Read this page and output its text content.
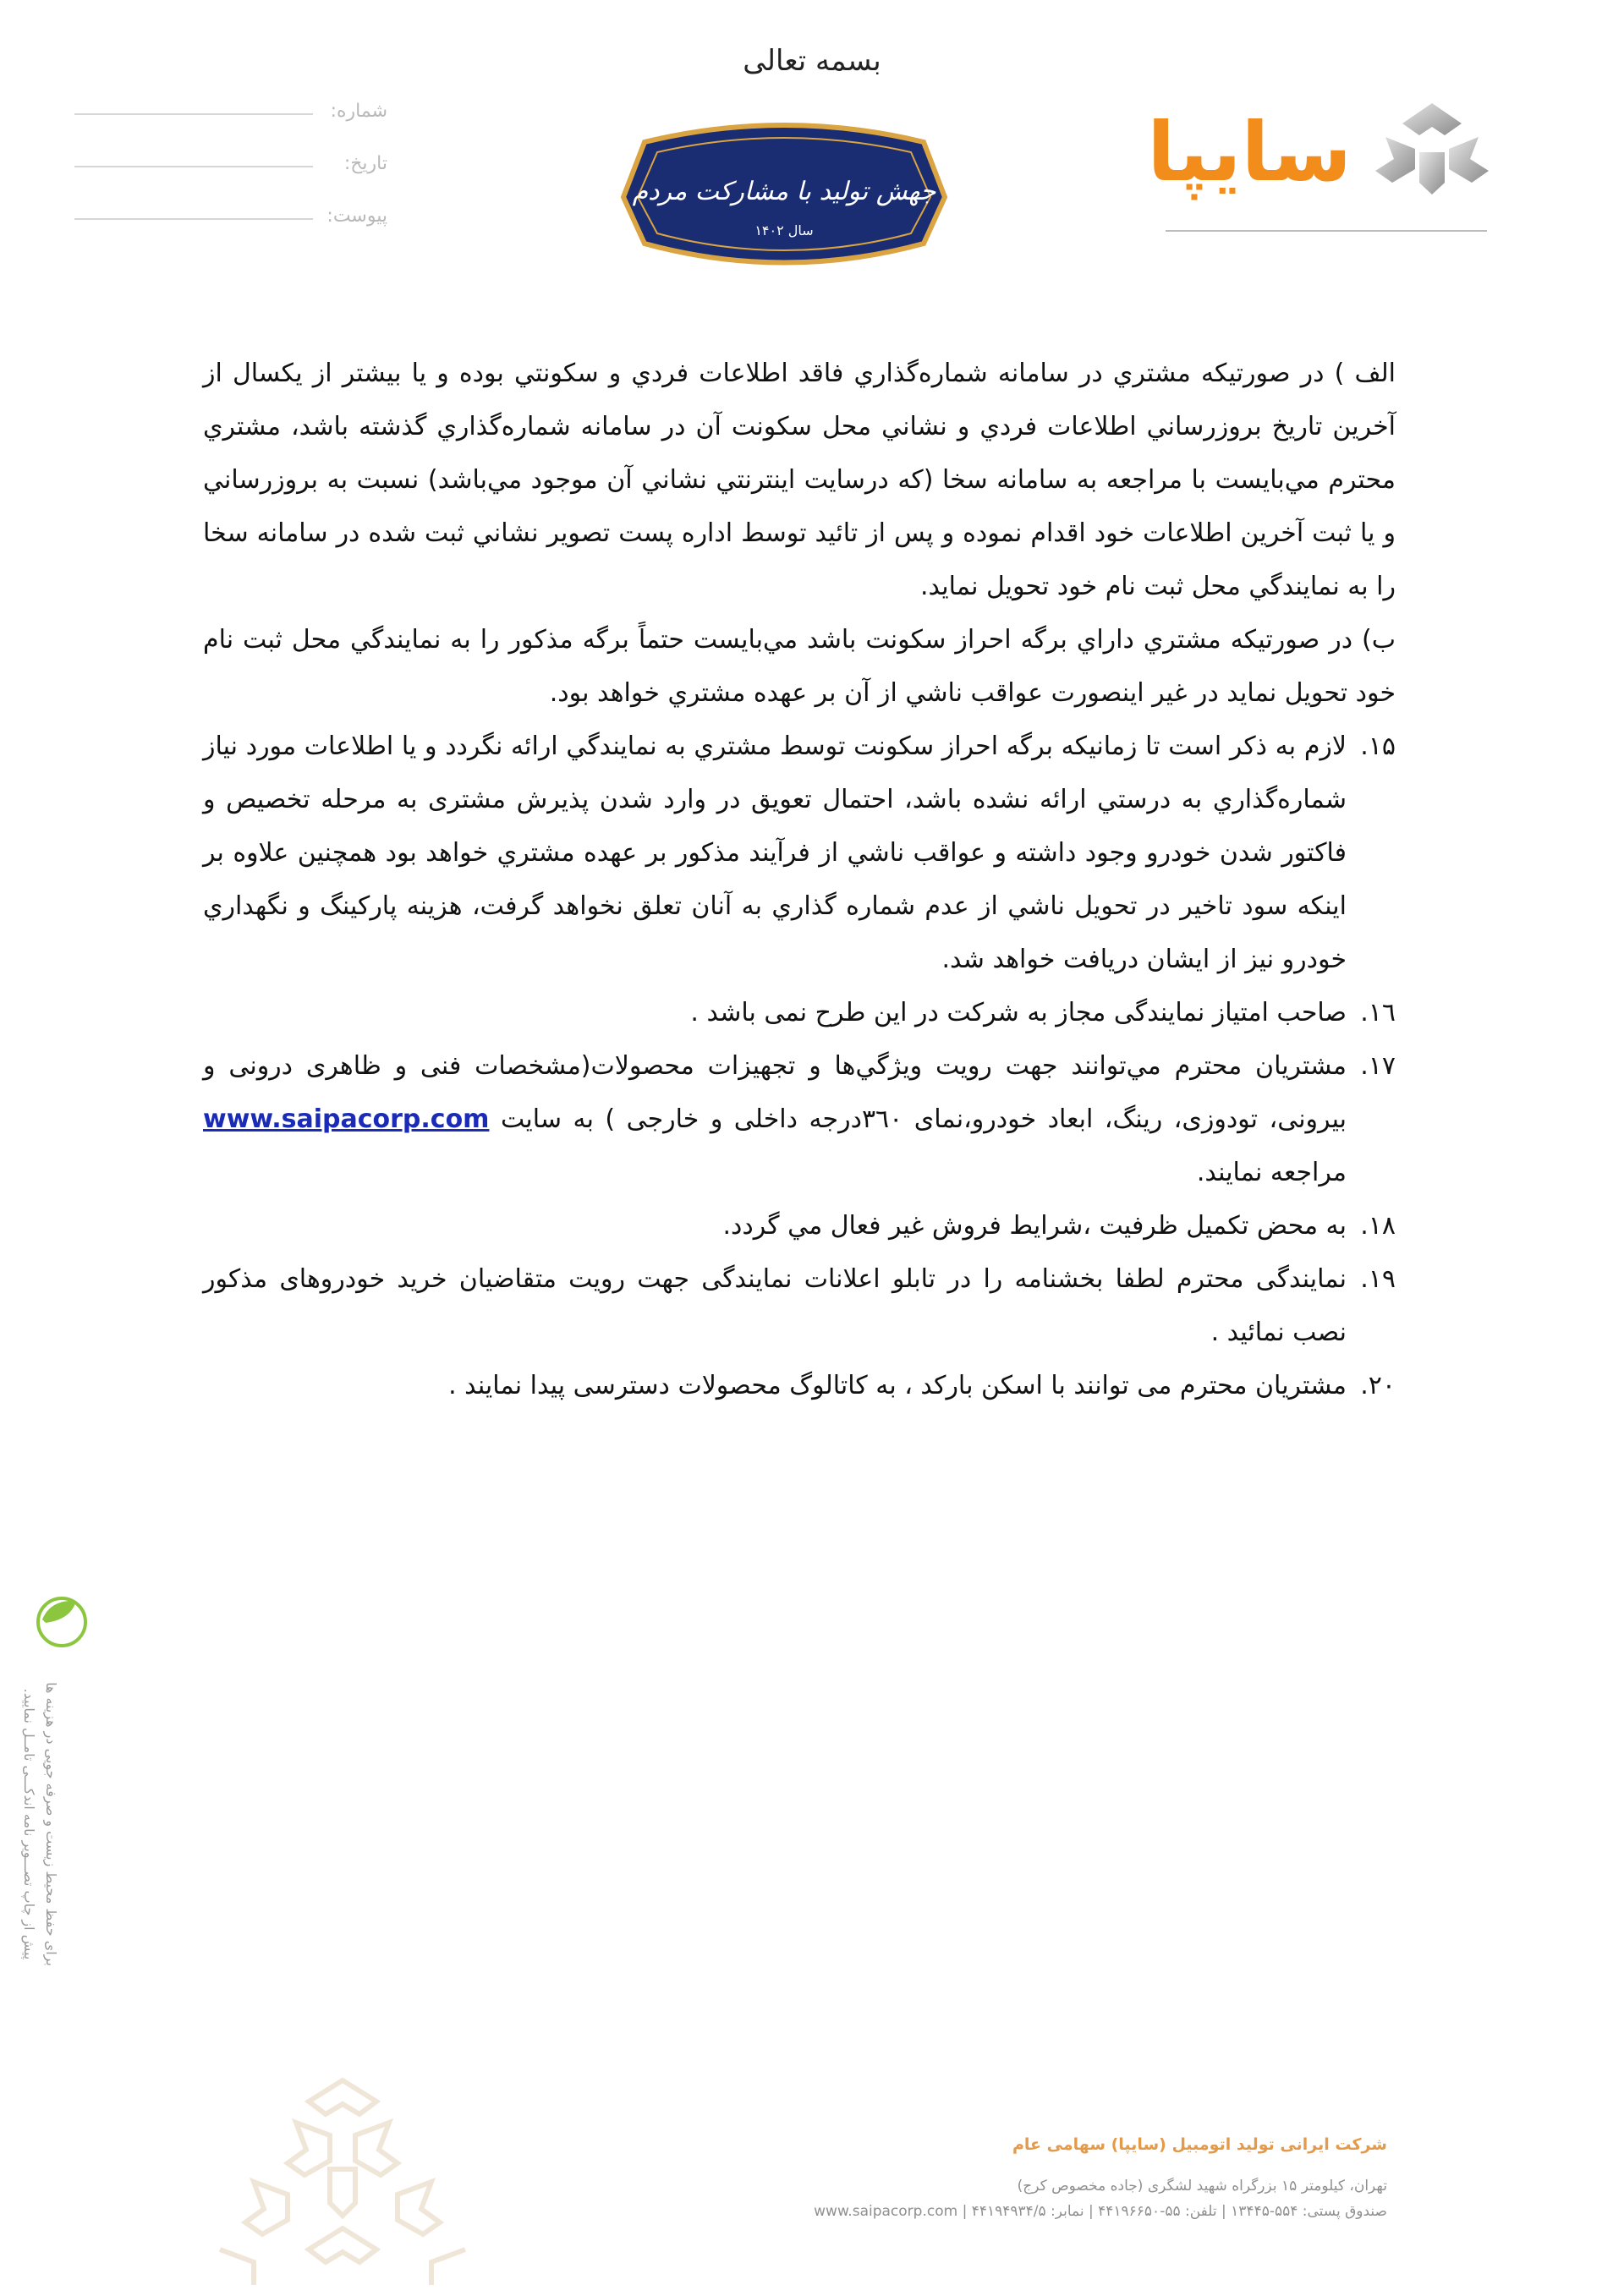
بسمه تعالی
شماره:
تاریخ:
پیوست:
جهش تولید با مشارکت مردم
سال ۱۴۰۲
سایپا

الف ) در صورتيکه مشتري در سامانه شماره‌گذاري فاقد اطلاعات فردي و سکونتي بوده و يا بيشتر از يکسال از آخرين تاريخ بروزرساني اطلاعات فردي و نشاني محل سکونت آن در سامانه شماره‌گذاري گذشته باشد، مشتري محترم مي‌بايست با مراجعه به سامانه سخا (که درسايت اينترنتي نشاني آن موجود مي‌باشد) نسبت به بروزرساني و يا ثبت آخرين اطلاعات خود اقدام نموده و پس از تائيد توسط اداره پست تصوير نشاني ثبت شده در سامانه سخا را به نمايندگي محل ثبت نام خود تحويل نمايد.

ب) در صورتيکه مشتري داراي برگه احراز سکونت باشد مي‌بايست حتماً برگه مذکور را به نمايندگي محل ثبت نام خود تحويل نمايد در غير اينصورت عواقب ناشي از آن بر عهده مشتري خواهد بود.

۱۵.
لازم به ذکر است تا زمانيکه برگه احراز سکونت توسط مشتري به نمايندگي ارائه نگردد و يا اطلاعات مورد نياز شماره‌گذاري به درستي ارائه نشده باشد، احتمال تعويق در وارد شدن پذيرش مشتری به مرحله تخصيص و فاکتور شدن خودرو وجود داشته و عواقب ناشي از فرآيند مذکور بر عهده مشتري خواهد بود همچنين علاوه بر اينکه سود تاخير در تحويل ناشي از عدم شماره گذاري به آنان تعلق نخواهد گرفت، هزينه پارکينگ و نگهداري خودرو نيز از ايشان دريافت خواهد شد.
۱٦.
صاحب امتیاز نمایندگی مجاز به شرکت در این طرح نمی باشد .
۱۷.
مشتريان محترم مي‌توانند جهت رويت ويژگي‌ها و تجهيزات محصولات(مشخصات فنی و ظاهری درونی و بیرونی، تودوزی، رینگ، ابعاد خودرو،نمای ۳٦۰درجه داخلی و خارجی ) به سايت www.saipacorp.com مراجعه نمايند.
۱۸.
به محض تکميل ظرفيت ،شرايط فروش غير فعال مي گردد.
۱۹.
نمایندگی محترم لطفا بخشنامه را در تابلو اعلانات نمایندگی جهت رویت متقاضیان خرید خودروهای مذکور نصب نمائید .
۲۰.
مشتریان محترم می توانند با اسکن بارکد ، به کاتالوگ محصولات دسترسی پیدا نمایند .
برای حفظ محیط زیست و صرفه جویی در هزینه ها
پیش از چاپ تصـــویر نامه اندکـــی تامــل نمایید.
شرکت ایرانی تولید اتومبیل (سایپا) سهامی عام
تهران، کیلومتر ۱۵ بزرگراه شهید لشگری (جاده مخصوص کرج)
صندوق پستی: ۵۵۴-۱۳۴۴۵ | تلفن: ۵۵-۴۴۱۹۶۶۵۰ | نمابر: ۴۴۱۹۴۹۳۴/۵ | www.saipacorp.com
